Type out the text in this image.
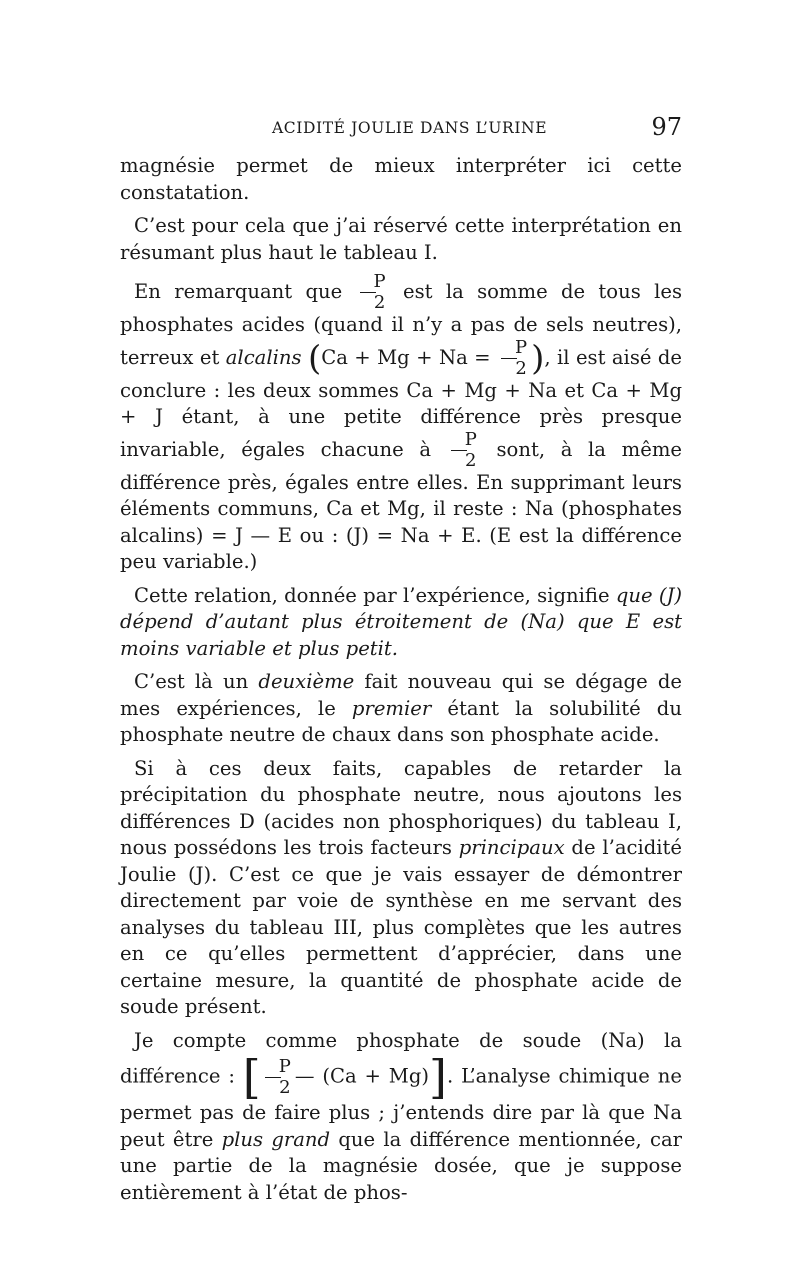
ACIDITÉ JOULIE DANS L’URINE	97

magnésie permet de mieux interpréter ici cette constatation.

C’est pour cela que j’ai réservé cette interprétation en résumant plus haut le tableau I.

En remarquant que $\frac{P}{2}$ est la somme de tous les phosphates acides (quand il n’y a pas de sels neutres), terreux et alcalins ($Ca + Mg + Na = \frac{P}{2}$ ), il est aisé de conclure : les deux sommes Ca + Mg + Na et Ca + Mg + J étant, à une petite différence près presque invariable, égales chacune à $\frac{P}{2}$ sont, à la même différence près, égales entre elles. En supprimant leurs éléments communs, Ca et Mg, il reste : Na (phosphates alcalins) = J — E ou : (J) = Na + E. (E est la différence peu variable.)

Cette relation, donnée par l’expérience, signifie que (J) dépend d’autant plus étroitement de (Na) que E est moins variable et plus petit.

C’est là un deuxième fait nouveau qui se dégage de mes expériences, le premier étant la solubilité du phosphate neutre de chaux dans son phosphate acide.

Si à ces deux faits, capables de retarder la précipitation du phosphate neutre, nous ajoutons les différences D (acides non phosphoriques) du tableau I, nous possédons les trois facteurs principaux de l’acidité Joulie (J). C’est ce que je vais essayer de démontrer directement par voie de synthèse en me servant des analyses du tableau III, plus complètes que les autres en ce qu’elles permettent d’apprécier, dans une certaine mesure, la quantité de phosphate acide de soude présent.

Je compte comme phosphate de soude (Na) la différence : [ $\frac{P}{2}$ — (Ca + Mg)]. L’analyse chimique ne permet pas de faire plus ; j’entends dire par là que Na peut être plus grand que la différence mentionnée, car une partie de la magnésie dosée, que je suppose entièrement à l’état de phos-
